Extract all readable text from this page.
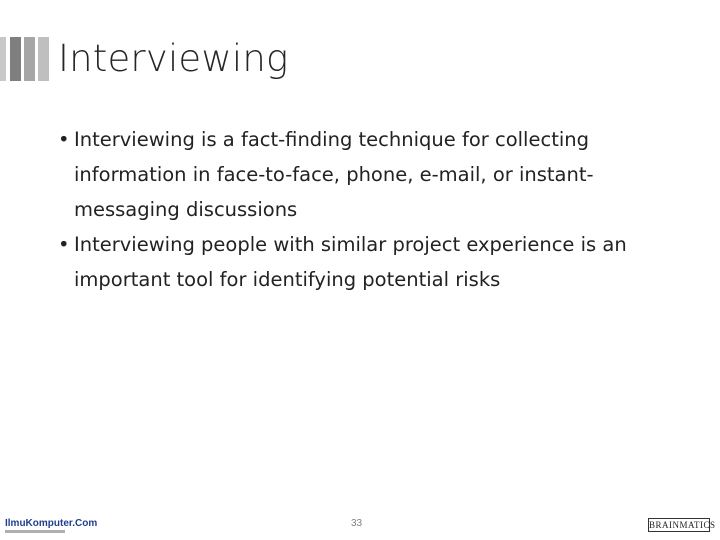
Interviewing
• Interviewing is a fact-finding technique for collecting information in face-to-face, phone, e-mail, or instant-messaging discussions
• Interviewing people with similar project experience is an important tool for identifying potential risks
IlmuKomputer.Com	33	BRAINMATICS
